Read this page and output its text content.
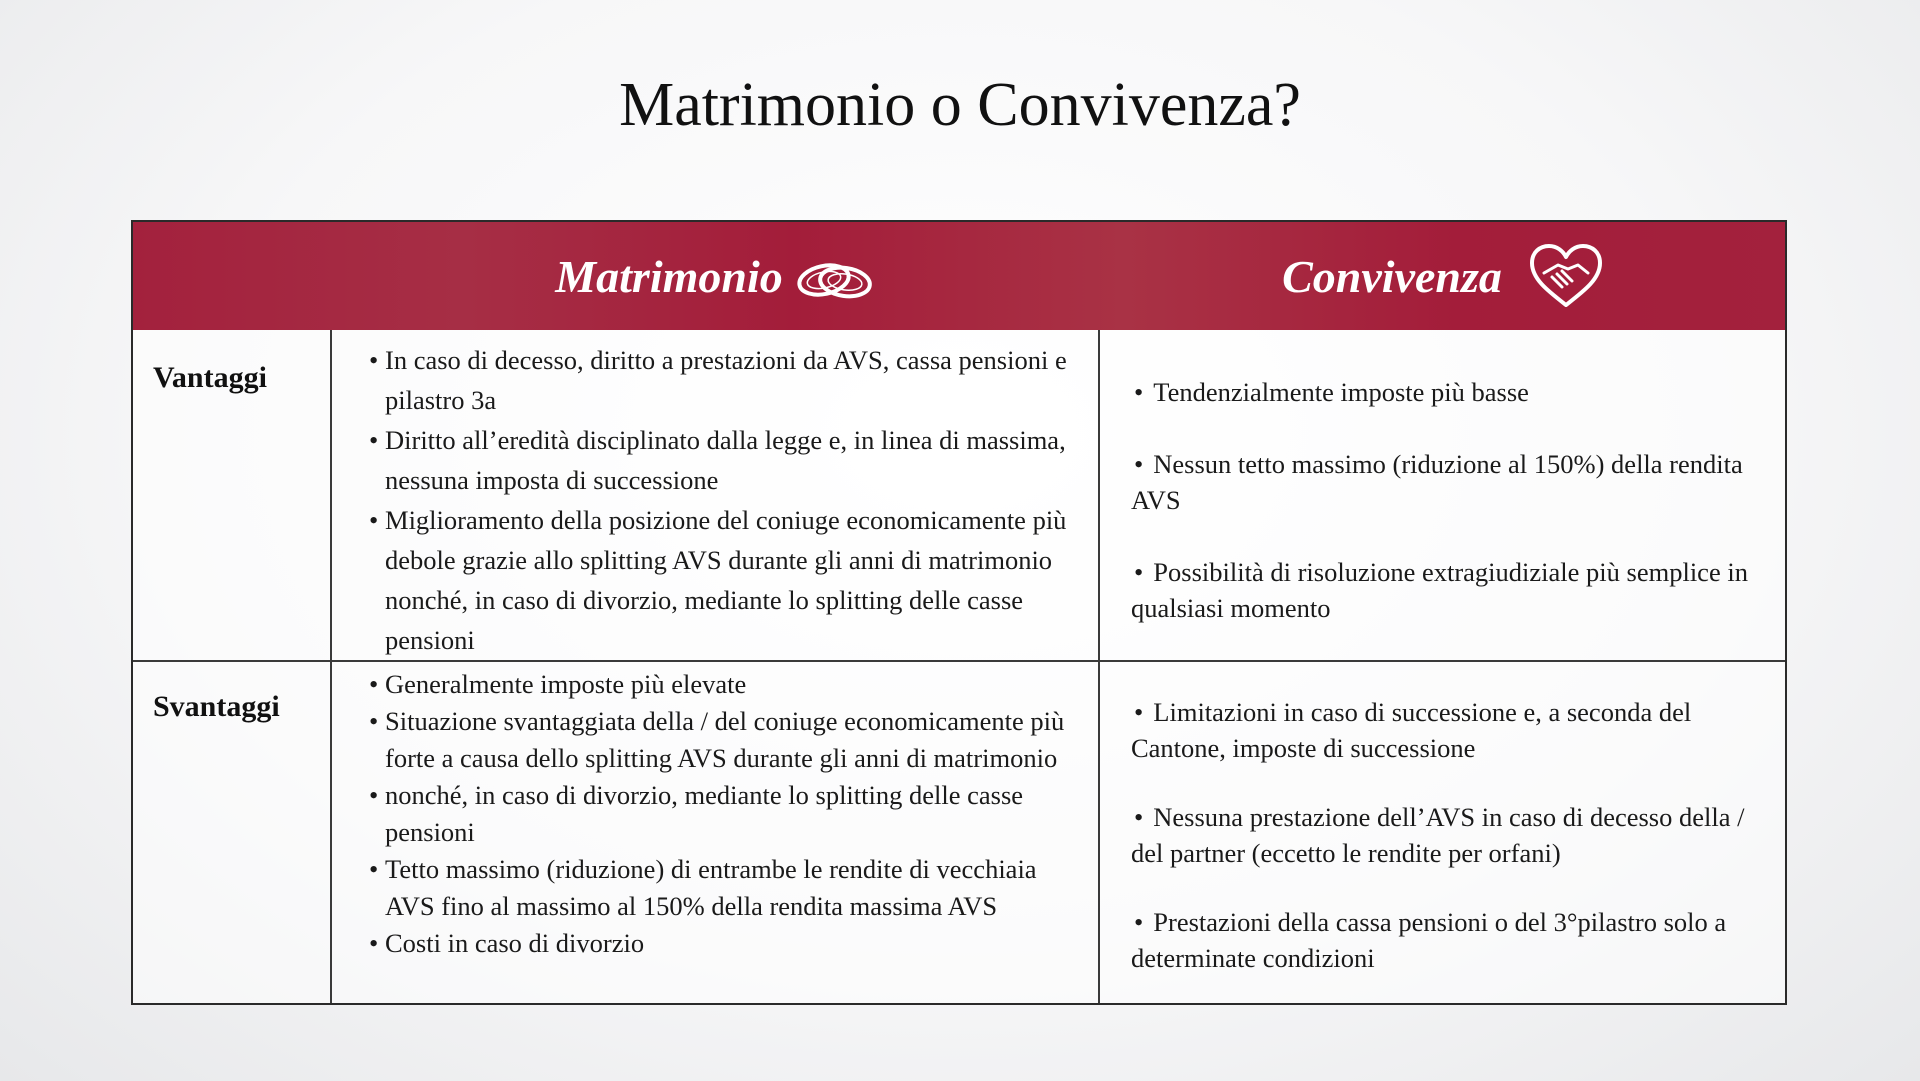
Matrimonio o Convivenza?
Matrimonio	Convivenza
Vantaggi
Svantaggi
• In caso di decesso, diritto a prestazioni da AVS, cassa pensioni e pilastro 3a
• Diritto all’eredità disciplinato dalla legge e, in linea di massima, nessuna imposta di successione
• Miglioramento della posizione del coniuge economicamente più debole grazie allo splitting AVS durante gli anni di matrimonio nonché, in caso di divorzio, mediante lo splitting delle casse pensioni
• Tendenzialmente imposte più basse
• Nessun tetto massimo (riduzione al 150%) della rendita AVS
• Possibilità di risoluzione extragiudiziale più semplice in qualsiasi momento
• Generalmente imposte più elevate
• Situazione svantaggiata della / del coniuge economicamente più forte a causa dello splitting AVS durante gli anni di matrimonio
• nonché, in caso di divorzio, mediante lo splitting delle casse pensioni
• Tetto massimo (riduzione) di entrambe le rendite di vecchiaia AVS fino al massimo al 150% della rendita massima AVS
• Costi in caso di divorzio
• Limitazioni in caso di successione e, a seconda del Cantone, imposte di successione
• Nessuna prestazione dell’AVS in caso di decesso della / del partner (eccetto le rendite per orfani)
• Prestazioni della cassa pensioni o del 3°pilastro solo a determinate condizioni
